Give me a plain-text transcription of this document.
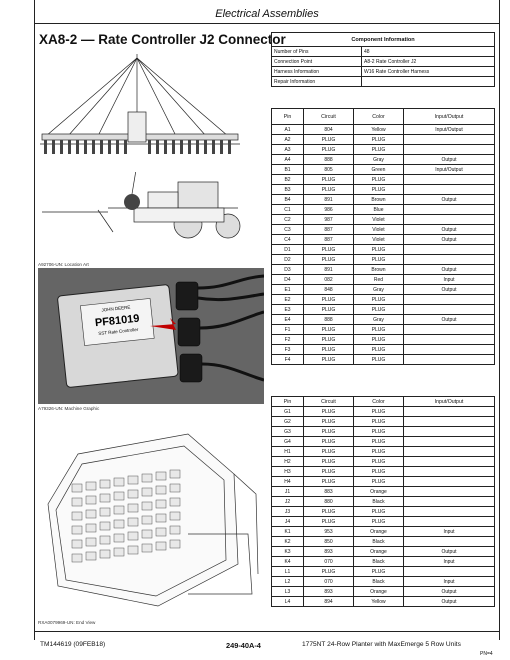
Electrical Assemblies
XA8-2 — Rate Controller J2 Connector
A92706-UN: Location Art
JOHN DEERE
PF81019
SST Rate Controller
A79326-UN: Machine Graphic
RXA0079969-UN: End View
Component Information	
Number of Pins	48
Connection Point	A8-2 Rate Controller J2
Harness Information	W16 Rate Controller Harness
Repair Information	
Pin	Circuit	Color	Input/Output
A1	804	Yellow	Input/Output
A2	PLUG	PLUG	
A3	PLUG	PLUG	
A4	888	Gray	Output
B1	805	Green	Input/Output
B2	PLUG	PLUG	
B3	PLUG	PLUG	
B4	891	Brown	Output
C1	986	Blue	
C2	987	Violet	
C3	887	Violet	Output
C4	887	Violet	Output
D1	PLUG	PLUG	
D2	PLUG	PLUG	
D3	891	Brown	Output
D4	082	Red	Input
E1	848	Gray	Output
E2	PLUG	PLUG	
E3	PLUG	PLUG	
E4	888	Gray	Output
F1	PLUG	PLUG	
F2	PLUG	PLUG	
F3	PLUG	PLUG	
F4	PLUG	PLUG	
Pin	Circuit	Color	Input/Output
G1	PLUG	PLUG	
G2	PLUG	PLUG	
G3	PLUG	PLUG	
G4	PLUG	PLUG	
H1	PLUG	PLUG	
H2	PLUG	PLUG	
H3	PLUG	PLUG	
H4	PLUG	PLUG	
J1	883	Orange	
J2	880	Black	
J3	PLUG	PLUG	
J4	PLUG	PLUG	
K1	953	Orange	Input
K2	850	Black	
K3	893	Orange	Output
K4	070	Black	Input
L1	PLUG	PLUG	
L2	070	Black	Input
L3	893	Orange	Output
L4	894	Yellow	Output
TM144619 (09FEB18)	249-40A-4	1775NT 24-Row Planter with MaxEmerge 5 Row Units
PN=4
